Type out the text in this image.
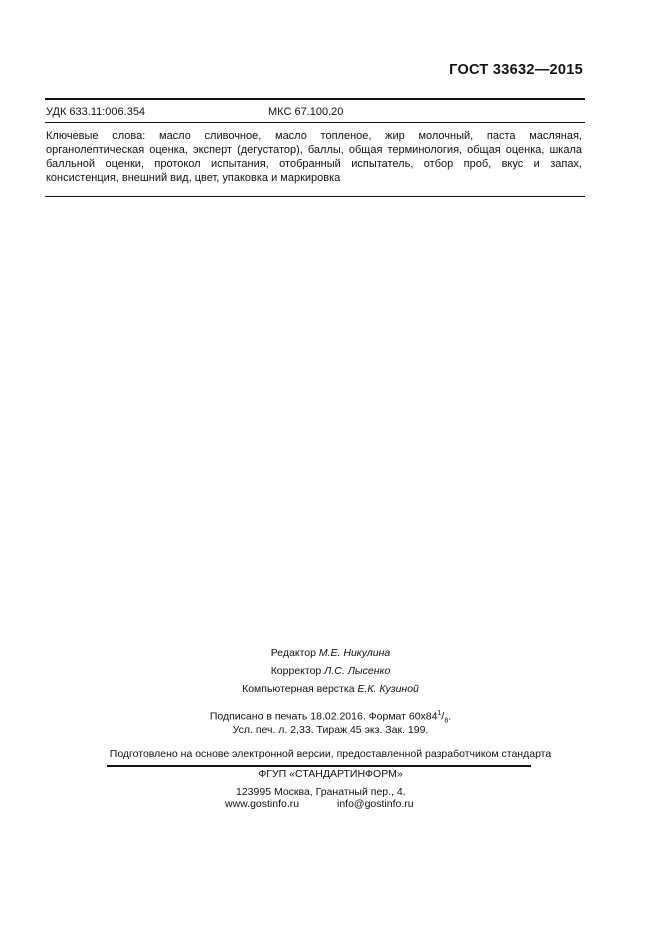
ГОСТ 33632—2015
УДК 633.11:006.354	МКС 67.100.20
Ключевые слова: масло сливочное, масло топленое, жир молочный, паста масляная, органолептическая оценка, эксперт (дегустатор), баллы, общая терминология, общая оценка, шкала балльной оценки, протокол испытания, отобранный испытатель, отбор проб, вкус и запах, консистенция, внешний вид, цвет, упаковка и маркировка
Редактор М.Е. Никулина
Корректор Л.С. Лысенко
Компьютерная верстка Е.К. Кузиной
Подписано в печать 18.02.2016. Формат $60x84^1/_8$.
Усл. печ. л. 2,33. Тираж 45 экз. Зак. 199.
Подготовлено на основе электронной версии, предоставленной разработчиком стандарта
ФГУП «СТАНДАРТИНФОРМ»
123995 Москва, Гранатный пер., 4.
www.gostinfo.ru	info@gostinfo.ru
